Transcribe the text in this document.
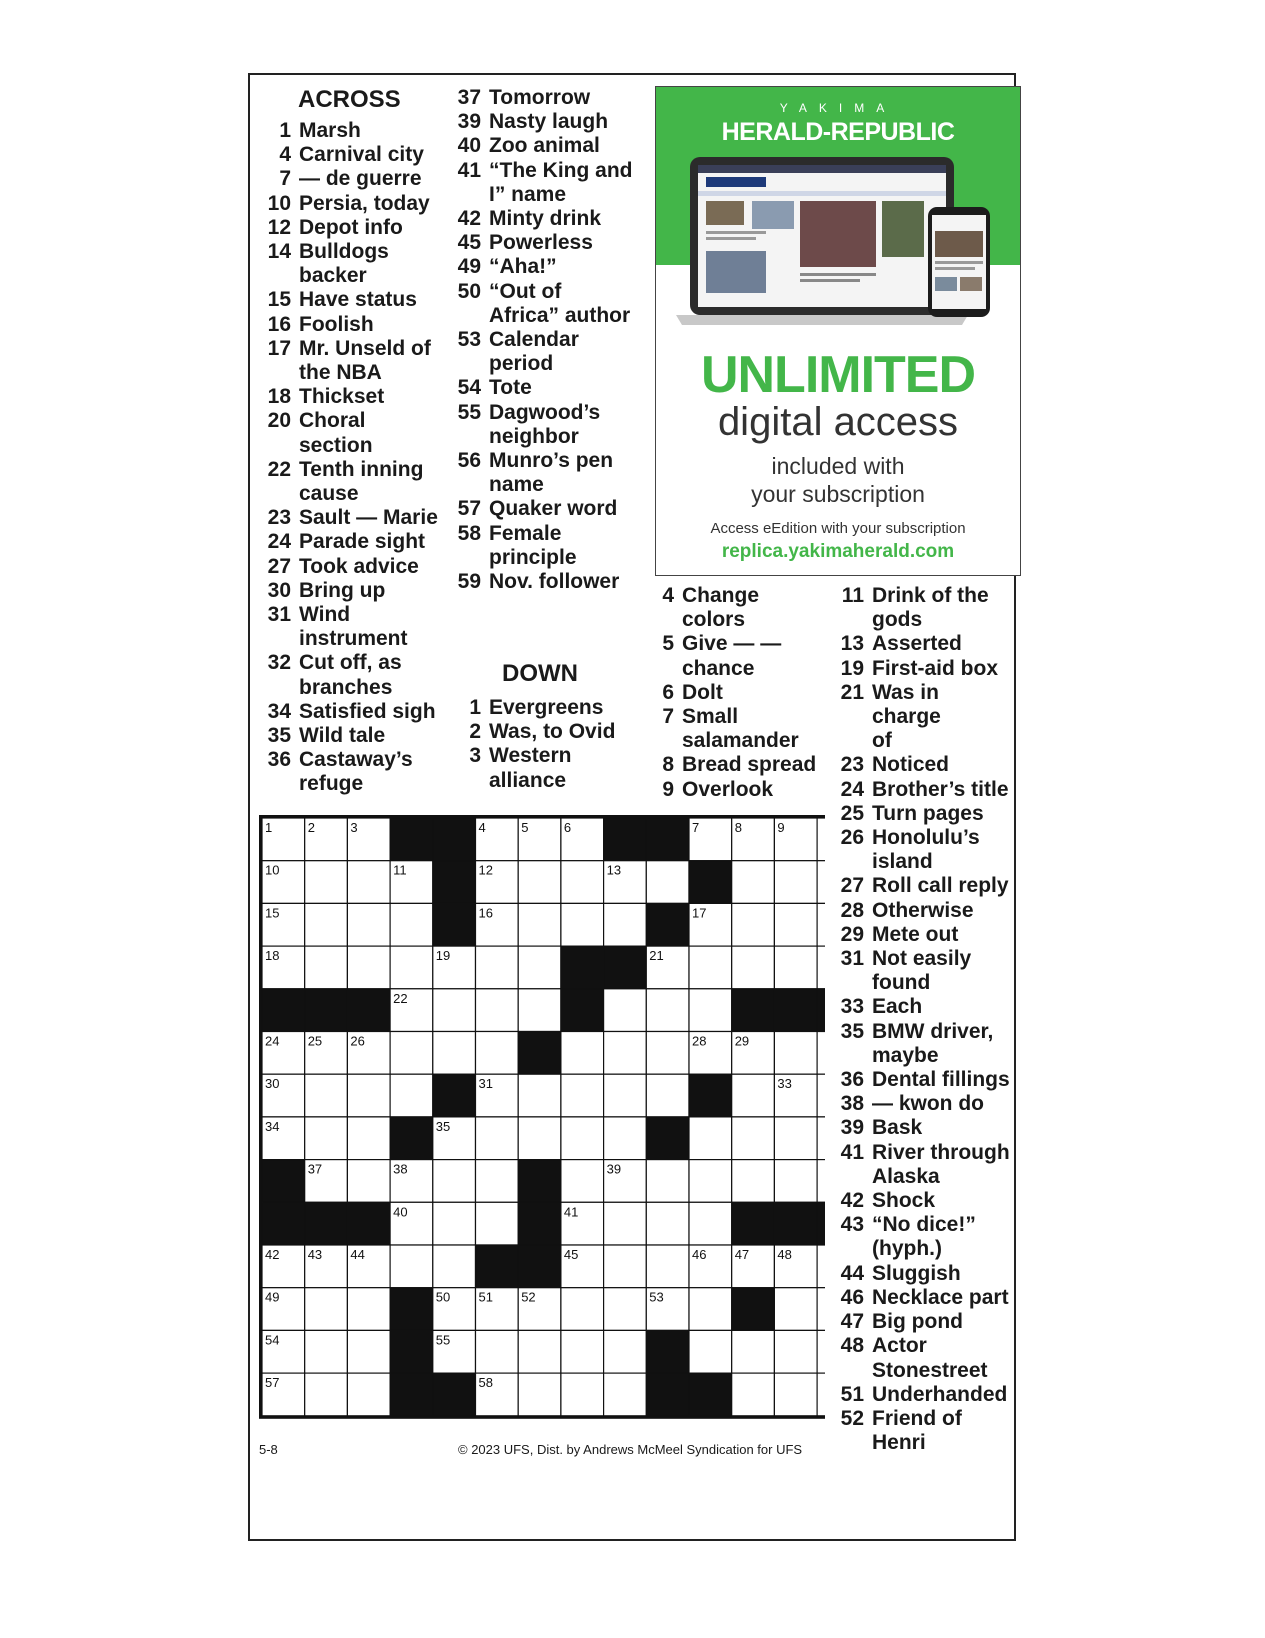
ACROSS
DOWN
1 Marsh
4 Carnival city
7 — de guerre
10 Persia, today
12 Depot info
14 Bulldogs
backer
15 Have status
16 Foolish
17 Mr. Unseld of
the NBA
18 Thickset
20 Choral
section
22 Tenth inning
cause
23 Sault — Marie
24 Parade sight
27 Took advice
30 Bring up
31 Wind
instrument
32 Cut off, as
branches
34 Satisfied sigh
35 Wild tale
36 Castaway’s
refuge
37 Tomorrow
39 Nasty laugh
40 Zoo animal
41 “The King and
I” name
42 Minty drink
45 Powerless
49 “Aha!”
50 “Out of
Africa” author
53 Calendar
period
54 Tote
55 Dagwood’s
neighbor
56 Munro’s pen
name
57 Quaker word
58 Female
principle
59 Nov. follower
1 Evergreens
2 Was, to Ovid
3 Western
alliance
4 Change
colors
5 Give — —
chance
6 Dolt
7 Small
salamander
8 Bread spread
9 Overlook
11 Drink of the
gods
13 Asserted
19 First-aid box
21 Was in charge
of
23 Noticed
24 Brother’s title
25 Turn pages
26 Honolulu’s
island
27 Roll call reply
28 Otherwise
29 Mete out
31 Not easily
found
33 Each
35 BMW driver,
maybe
36 Dental fillings
38 — kwon do
39 Bask
41 River through
Alaska
42 Shock
43 “No dice!”
(hyph.)
44 Sluggish
46 Necklace part
47 Big pond
48 Actor
Stonestreet
51 Underhanded
52 Friend of
Henri
YAKIMA
HERALD-REPUBLIC
UNLIMITED
digital access
included with
your subscription
Access eEdition with your subscription
replica.yakimaherald.com
1	2	3	4	5	6	7	8	9
10	11	12	13
15	16	17
18	19	21
22
24 25 26	28 29
30	31	33
34	35
37	38	39
40	41
42 43 44	45	46 47 48
49	50 51 52	53
54	55
57	58
5-8	© 2023 UFS, Dist. by Andrews McMeel Syndication for UFS
